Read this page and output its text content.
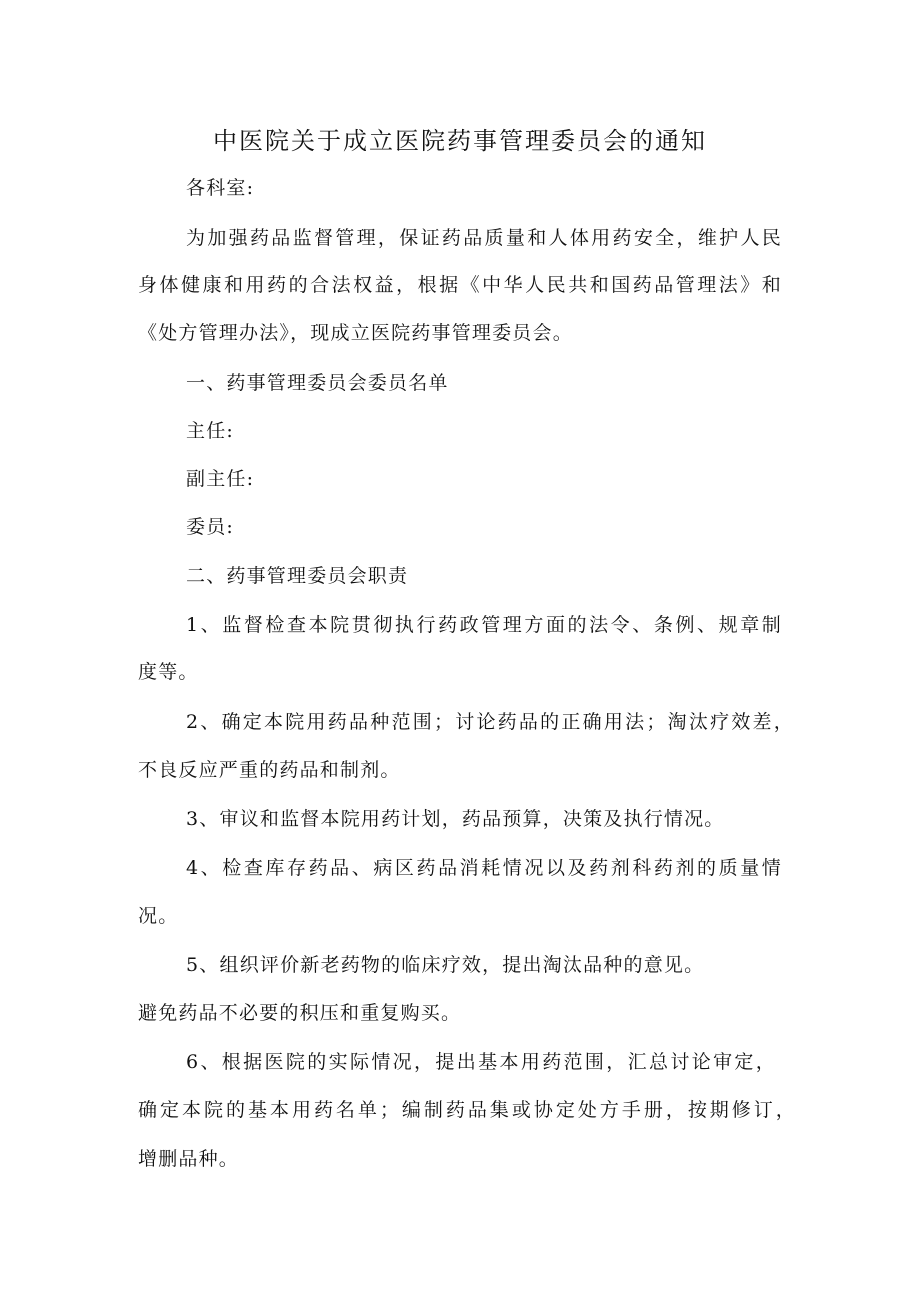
中医院关于成立医院药事管理委员会的通知
各科室:
为加强药品监督管理，保证药品质量和人体用药安全，维护人民
身体健康和用药的合法权益，根据《中华人民共和国药品管理法》和
《处方管理办法》，现成立医院药事管理委员会。
一、药事管理委员会委员名单
主任:
副主任:
委员:
二、药事管理委员会职责
1、监督检查本院贯彻执行药政管理方面的法令、条例、规章制
度等。
2、确定本院用药品种范围；讨论药品的正确用法；淘汰疗效差，
不良反应严重的药品和制剂。
3、审议和监督本院用药计划，药品预算，决策及执行情况。
4、检查库存药品、病区药品消耗情况以及药剂科药剂的质量情
况。
5、组织评价新老药物的临床疗效，提出淘汰品种的意见。
避免药品不必要的积压和重复购买。
6、根据医院的实际情况，提出基本用药范围，汇总讨论审定，
确定本院的基本用药名单；编制药品集或协定处方手册，按期修订，
增删品种。
